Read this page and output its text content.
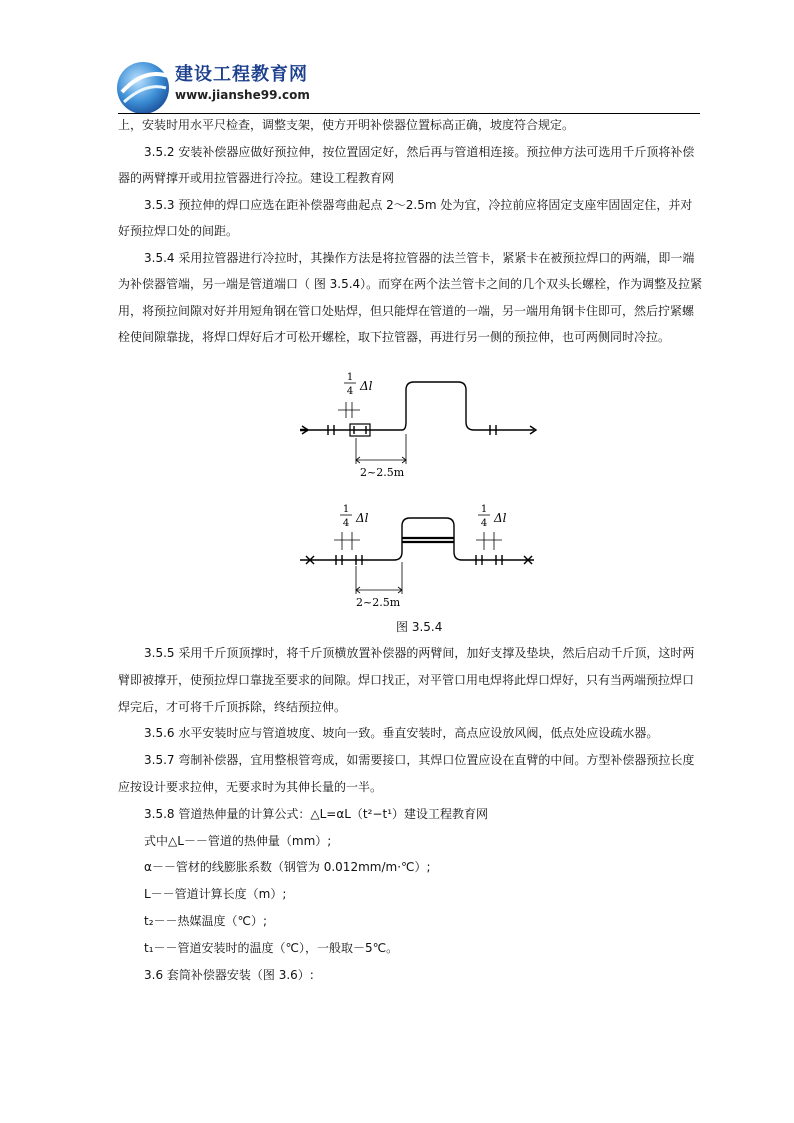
建设工程教育网
www.jianshe99.com

上，安装时用水平尺检查，调整支架，使方开明补偿器位置标高正确，坡度符合规定。

3.5.2 安装补偿器应做好预拉伸，按位置固定好，然后再与管道相连接。预拉伸方法可选用千斤顶将补偿器的两臂撑开或用拉管器进行冷拉。建设工程教育网

3.5.3 预拉伸的焊口应选在距补偿器弯曲起点 2～2.5m 处为宜，冷拉前应将固定支座牢固固定住，并对好预拉焊口处的间距。

3.5.4 采用拉管器进行冷拉时，其操作方法是将拉管器的法兰管卡，紧紧卡在被预拉焊口的两端，即一端为补偿器管端，另一端是管道端口（ 图 3.5.4）。而穿在两个法兰管卡之间的几个双头长螺栓，作为调整及拉紧用，将预拉间隙对好并用短角钢在管口处贴焊，但只能焊在管道的一端，另一端用角钢卡住即可，然后拧紧螺栓使间隙靠拢，将焊口焊好后才可松开螺栓，取下拉管器，再进行另一侧的预拉伸，也可两侧同时冷拉。

1
4 Δl
2~2.5m
1
4 Δl
1
4 Δl
2~2.5m
图 3.5.4

3.5.5 采用千斤顶顶撑时，将千斤顶横放置补偿器的两臂间，加好支撑及垫块，然后启动千斤顶，这时两臂即被撑开，使预拉焊口靠拢至要求的间隙。焊口找正，对平管口用电焊将此焊口焊好，只有当两端预拉焊口焊完后，才可将千斤顶拆除，终结预拉伸。

3.5.6 水平安装时应与管道坡度、坡向一致。垂直安装时，高点应设放风阀，低点处应设疏水器。

3.5.7 弯制补偿器，宜用整根管弯成，如需要接口，其焊口位置应设在直臂的中间。方型补偿器预拉长度应按设计要求拉伸，无要求时为其伸长量的一半。

3.5.8 管道热伸量的计算公式：△L=αL（t²−t¹）建设工程教育网

式中△L－－管道的热伸量（mm）;

α－－管材的线膨胀系数（钢管为 0.012mm/m·℃）;

L－－管道计算长度（m）;

t₂－－热媒温度（℃）;

t₁－－管道安装时的温度（℃），一般取－5℃。

3.6 套筒补偿器安装（图 3.6）:
